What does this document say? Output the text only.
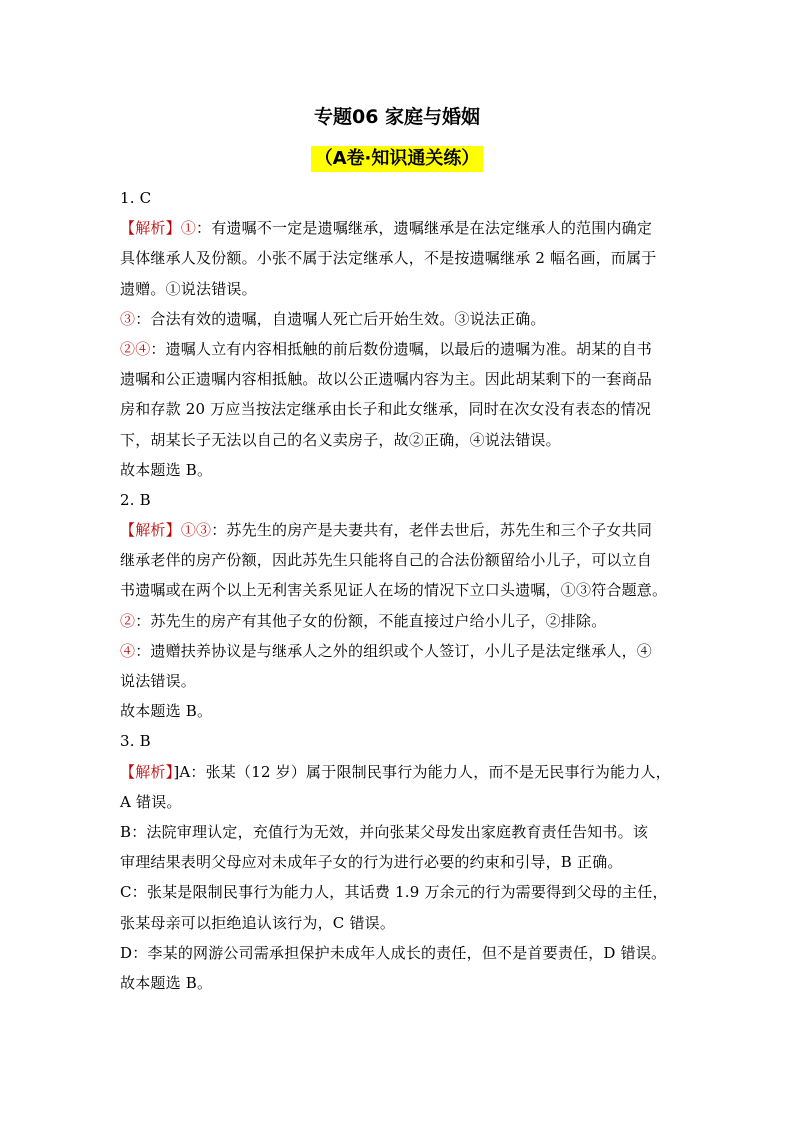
专题06 家庭与婚姻
（A卷·知识通关练）
1. C
【解析】①：有遗嘱不一定是遗嘱继承，遗嘱继承是在法定继承人的范围内确定
具体继承人及份额。小张不属于法定继承人，不是按遗嘱继承 2 幅名画，而属于
遗赠。①说法错误。
③：合法有效的遗嘱，自遗嘱人死亡后开始生效。③说法正确。
②④：遗嘱人立有内容相抵触的前后数份遗嘱，以最后的遗嘱为准。胡某的自书
遗嘱和公正遗嘱内容相抵触。故以公正遗嘱内容为主。因此胡某剩下的一套商品
房和存款 20 万应当按法定继承由长子和此女继承，同时在次女没有表态的情况
下，胡某长子无法以自己的名义卖房子，故②正确，④说法错误。
故本题选 B。
2. B
【解析】①③：苏先生的房产是夫妻共有，老伴去世后，苏先生和三个子女共同
继承老伴的房产份额，因此苏先生只能将自己的合法份额留给小儿子，可以立自
书遗嘱或在两个以上无利害关系见证人在场的情况下立口头遗嘱，①③符合题意。
②：苏先生的房产有其他子女的份额，不能直接过户给小儿子，②排除。
④：遗赠扶养协议是与继承人之外的组织或个人签订，小儿子是法定继承人，④
说法错误。
故本题选 B。
3. B
【解析】]A：张某（12 岁）属于限制民事行为能力人，而不是无民事行为能力人，
A 错误。
B：法院审理认定，充值行为无效，并向张某父母发出家庭教育责任告知书。该
审理结果表明父母应对未成年子女的行为进行必要的约束和引导，B 正确。
C：张某是限制民事行为能力人，其话费 1.9 万余元的行为需要得到父母的主任，
张某母亲可以拒绝追认该行为，C 错误。
D：李某的网游公司需承担保护未成年人成长的责任，但不是首要责任，D 错误。
故本题选 B。
